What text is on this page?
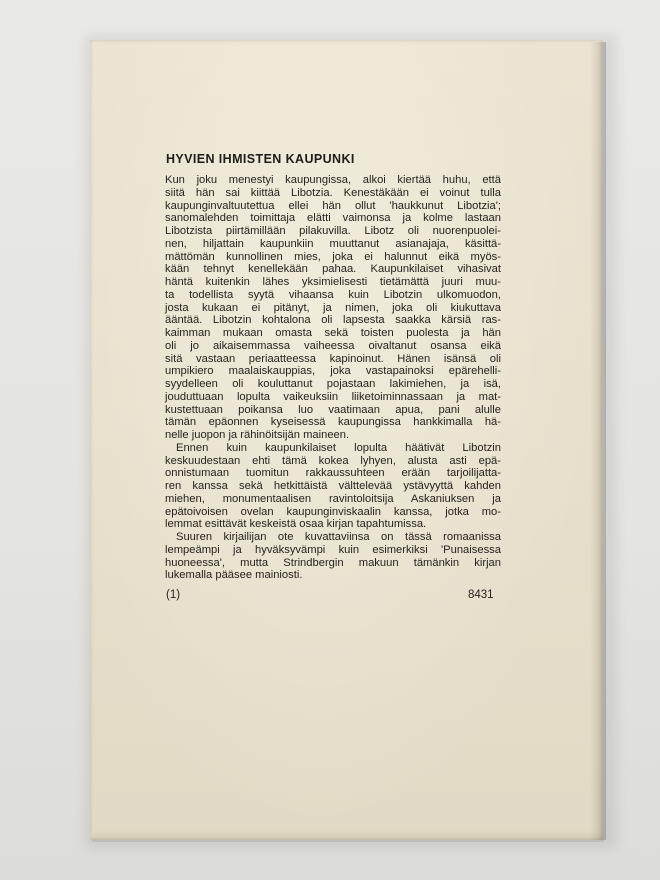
HYVIEN IHMISTEN KAUPUNKI
Kun joku menestyi kaupungissa, alkoi kiertää huhu, että
siitä hän sai kiittää Libotzia. Kenestäkään ei voinut tulla
kaupunginvaltuutettua ellei hän ollut 'haukkunut Libotzia';
sanomalehden toimittaja elätti vaimonsa ja kolme lastaan
Libotzista piirtämillään pilakuvilla. Libotz oli nuorenpuolei-
nen, hiljattain kaupunkiin muuttanut asianajaja, käsittä-
mättömän kunnollinen mies, joka ei halunnut eikä myös-
kään tehnyt kenellekään pahaa. Kaupunkilaiset vihasivat
häntä kuitenkin lähes yksimielisesti tietämättä juuri muu-
ta todellista syytä vihaansa kuin Libotzin ulkomuodon,
josta kukaan ei pitänyt, ja nimen, joka oli kiukuttava
ääntää. Libotzin kohtalona oli lapsesta saakka kärsiä ras-
kaimman mukaan omasta sekä toisten puolesta ja hän
oli jo aikaisemmassa vaiheessa oivaltanut osansa eikä
sitä vastaan periaatteessa kapinoinut. Hänen isänsä oli
umpikiero maalaiskauppias, joka vastapainoksi epärehelli-
syydelleen oli kouluttanut pojastaan lakimiehen, ja isä,
jouduttuaan lopulta vaikeuksiin liiketoiminnassaan ja mat-
kustettuaan poikansa luo vaatimaan apua, pani alulle
tämän epäonnen kyseisessä kaupungissa hankkimalla hä-
nelle juopon ja rähinöitsijän maineen.
Ennen kuin kaupunkilaiset lopulta häätivät Libotzin
keskuudestaan ehti tämä kokea lyhyen, alusta asti epä-
onnistumaan tuomitun rakkaussuhteen erään tarjoilijatta-
ren kanssa sekä hetkittäistä välttelevää ystävyyttä kahden
miehen, monumentaalisen ravintoloitsija Askaniuksen ja
epätoivoisen ovelan kaupunginviskaalin kanssa, jotka mo-
lemmat esittävät keskeistä osaa kirjan tapahtumissa.
Suuren kirjailijan ote kuvattaviinsa on tässä romaanissa
lempeämpi ja hyväksyvämpi kuin esimerkiksi 'Punaisessa
huoneessa', mutta Strindbergin makuun tämänkin kirjan
lukemalla pääsee mainiosti.
(1)	8431
